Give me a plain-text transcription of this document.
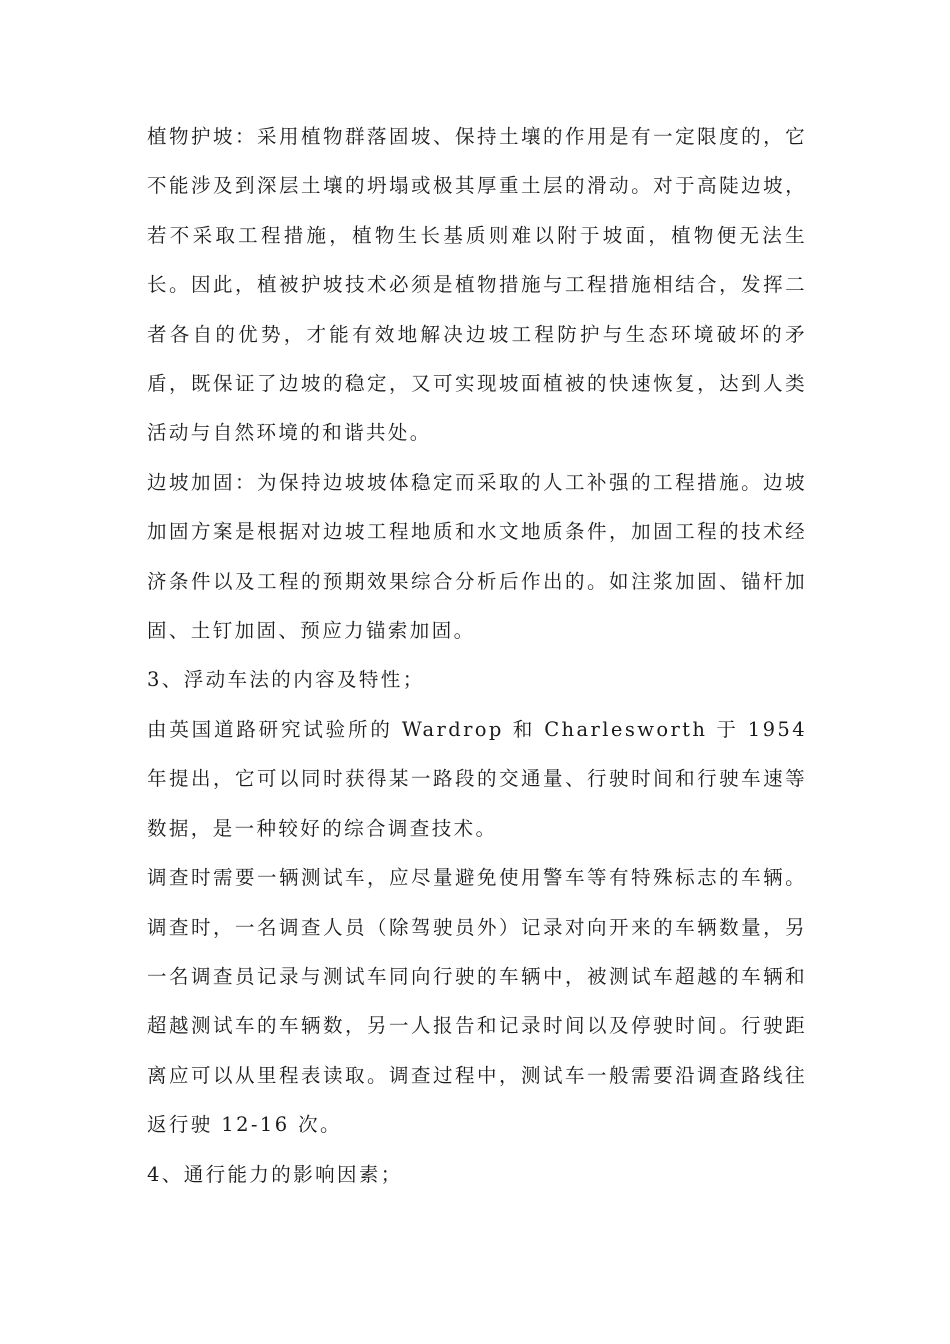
植物护坡：采用植物群落固坡、保持土壤的作用是有一定限度的，它不能涉及到深层土壤的坍塌或极其厚重土层的滑动。对于高陡边坡，若不采取工程措施，植物生长基质则难以附于坡面，植物便无法生长。因此，植被护坡技术必须是植物措施与工程措施相结合，发挥二者各自的优势，才能有效地解决边坡工程防护与生态环境破坏的矛盾，既保证了边坡的稳定，又可实现坡面植被的快速恢复，达到人类活动与自然环境的和谐共处。

边坡加固：为保持边坡坡体稳定而采取的人工补强的工程措施。边坡加固方案是根据对边坡工程地质和水文地质条件，加固工程的技术经济条件以及工程的预期效果综合分析后作出的。如注浆加固、锚杆加固、土钉加固、预应力锚索加固。

3、浮动车法的内容及特性；

由英国道路研究试验所的 Wardrop 和 Charlesworth 于 1954 年提出，它可以同时获得某一路段的交通量、行驶时间和行驶车速等数据，是一种较好的综合调查技术。

调查时需要一辆测试车，应尽量避免使用警车等有特殊标志的车辆。调查时，一名调查人员（除驾驶员外）记录对向开来的车辆数量，另一名调查员记录与测试车同向行驶的车辆中，被测试车超越的车辆和超越测试车的车辆数，另一人报告和记录时间以及停驶时间。行驶距离应可以从里程表读取。调查过程中，测试车一般需要沿调查路线往返行驶 12-16 次。

4、通行能力的影响因素；
